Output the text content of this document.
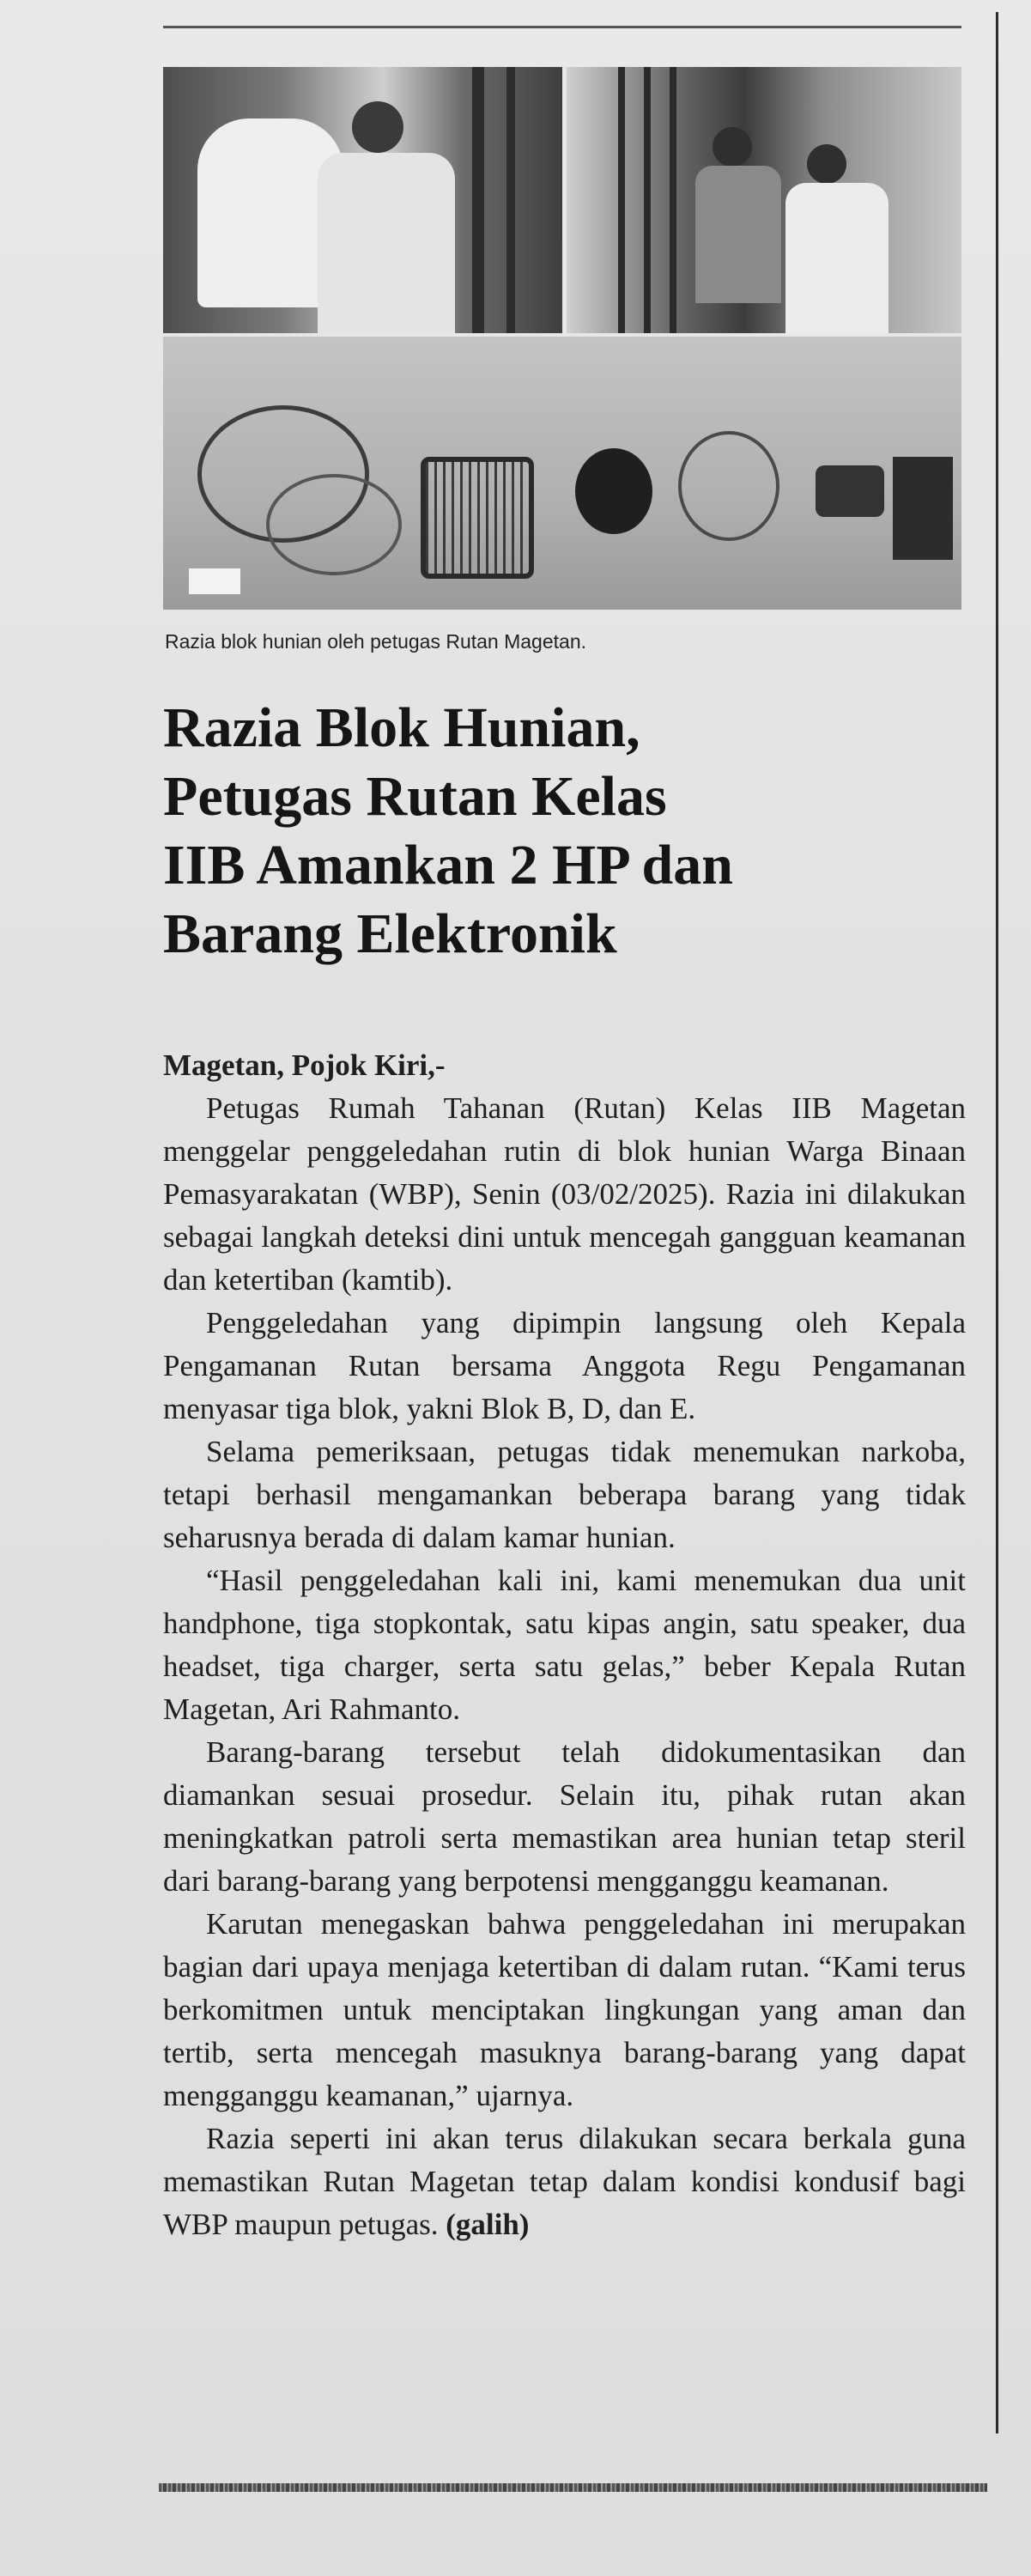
Razia blok hunian oleh petugas Rutan Magetan.
Razia Blok Hunian,
Petugas Rutan Kelas
IIB Amankan 2 HP dan
Barang Elektronik
Magetan, Pojok Kiri,-

Petugas Rumah Tahanan (Rutan) Kelas IIB Magetan menggelar penggeledahan rutin di blok hunian Warga Binaan Pemasyarakatan (WBP), Senin (03/02/2025). Razia ini dilakukan sebagai langkah deteksi dini untuk mencegah gangguan keamanan dan ketertiban (kamtib).

Penggeledahan yang dipimpin langsung oleh Kepala Pengamanan Rutan bersama Anggota Regu Pengamanan menyasar tiga blok, yakni Blok B, D, dan E.

Selama pemeriksaan, petugas tidak menemukan narkoba, tetapi berhasil mengamankan beberapa barang yang tidak seharusnya berada di dalam kamar hunian.

“Hasil penggeledahan kali ini, kami menemukan dua unit handphone, tiga stopkontak, satu kipas angin, satu speaker, dua headset, tiga charger, serta satu gelas,” beber Kepala Rutan Magetan, Ari Rahmanto.

Barang-barang tersebut telah didokumentasikan dan diamankan sesuai prosedur. Selain itu, pihak rutan akan meningkatkan patroli serta memastikan area hunian tetap steril dari barang-barang yang berpotensi mengganggu keamanan.

Karutan menegaskan bahwa penggeledahan ini merupakan bagian dari upaya menjaga ketertiban di dalam rutan. “Kami terus berkomitmen untuk menciptakan lingkungan yang aman dan tertib, serta mencegah masuknya barang-barang yang dapat mengganggu keamanan,” ujarnya.

Razia seperti ini akan terus dilakukan secara berkala guna memastikan Rutan Magetan tetap dalam kondisi kondusif bagi WBP maupun petugas. (galih)
